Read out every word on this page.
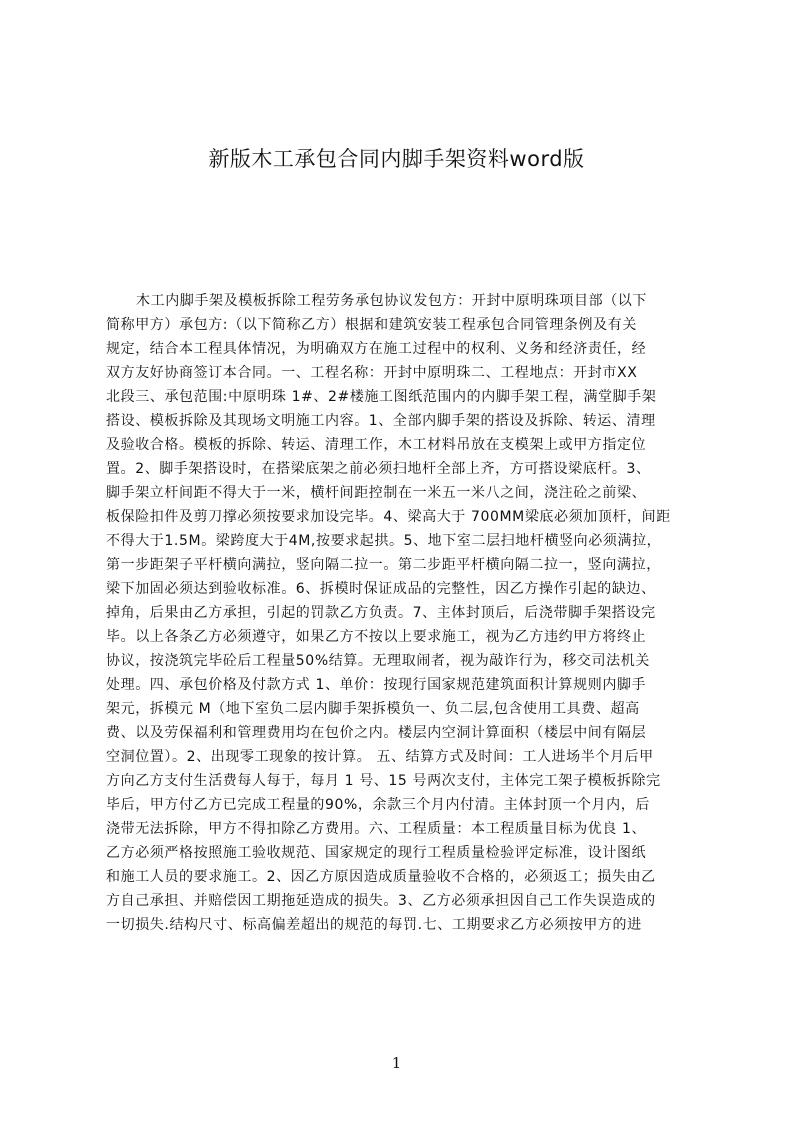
新版木工承包合同内脚手架资料word版
木工内脚手架及模板拆除工程劳务承包协议发包方：开封中原明珠项目部（以下
简称甲方）承包方:（以下简称乙方）根据和建筑安装工程承包合同管理条例及有关
规定，结合本工程具体情况，为明确双方在施工过程中的权利、义务和经济责任，经
双方友好协商签订本合同。一、工程名称：开封中原明珠二、工程地点：开封市XX
北段三、承包范围:中原明珠 1#、2#楼施工图纸范围内的内脚手架工程，满堂脚手架
搭设、模板拆除及其现场文明施工内容。1、全部内脚手架的搭设及拆除、转运、清理
及验收合格。模板的拆除、转运、清理工作，木工材料吊放在支模架上或甲方指定位
置。2、脚手架搭设时，在搭梁底架之前必须扫地杆全部上齐，方可搭设梁底杆。3、
脚手架立杆间距不得大于一米，横杆间距控制在一米五一米八之间，浇注砼之前梁、
板保险扣件及剪刀撑必须按要求加设完毕。4、梁高大于 700MM梁底必须加顶杆，间距
不得大于1.5M。梁跨度大于4M,按要求起拱。5、地下室二层扫地杆横竖向必须满拉，
第一步距架子平杆横向满拉，竖向隔二拉一。第二步距平杆横向隔二拉一，竖向满拉，
梁下加固必须达到验收标准。6、拆模时保证成品的完整性，因乙方操作引起的缺边、
掉角，后果由乙方承担，引起的罚款乙方负责。7、主体封顶后，后浇带脚手架搭设完
毕。以上各条乙方必须遵守，如果乙方不按以上要求施工，视为乙方违约甲方将终止
协议，按浇筑完毕砼后工程量50%结算。无理取闹者，视为敲诈行为，移交司法机关
处理。四、承包价格及付款方式 1、单价：按现行国家规范建筑面积计算规则内脚手
架元，拆模元 M（地下室负二层内脚手架拆模负一、负二层,包含使用工具费、超高
费、以及劳保福利和管理费用均在包价之内。楼层内空洞计算面积（楼层中间有隔层
空洞位置）。2、出现零工现象的按计算。 五、结算方式及时间：工人进场半个月后甲
方向乙方支付生活费每人每于，每月 1 号、15 号两次支付，主体完工架子模板拆除完
毕后，甲方付乙方已完成工程量的90%，余款三个月内付清。主体封顶一个月内，后
浇带无法拆除，甲方不得扣除乙方费用。六、工程质量：本工程质量目标为优良 1、
乙方必须严格按照施工验收规范、国家规定的现行工程质量检验评定标准，设计图纸
和施工人员的要求施工。2、因乙方原因造成质量验收不合格的，必须返工；损失由乙
方自己承担、并赔偿因工期拖延造成的损失。3、乙方必须承担因自己工作失误造成的
一切损失.结构尺寸、标高偏差超出的规范的每罚.七、工期要求乙方必须按甲方的进
1
